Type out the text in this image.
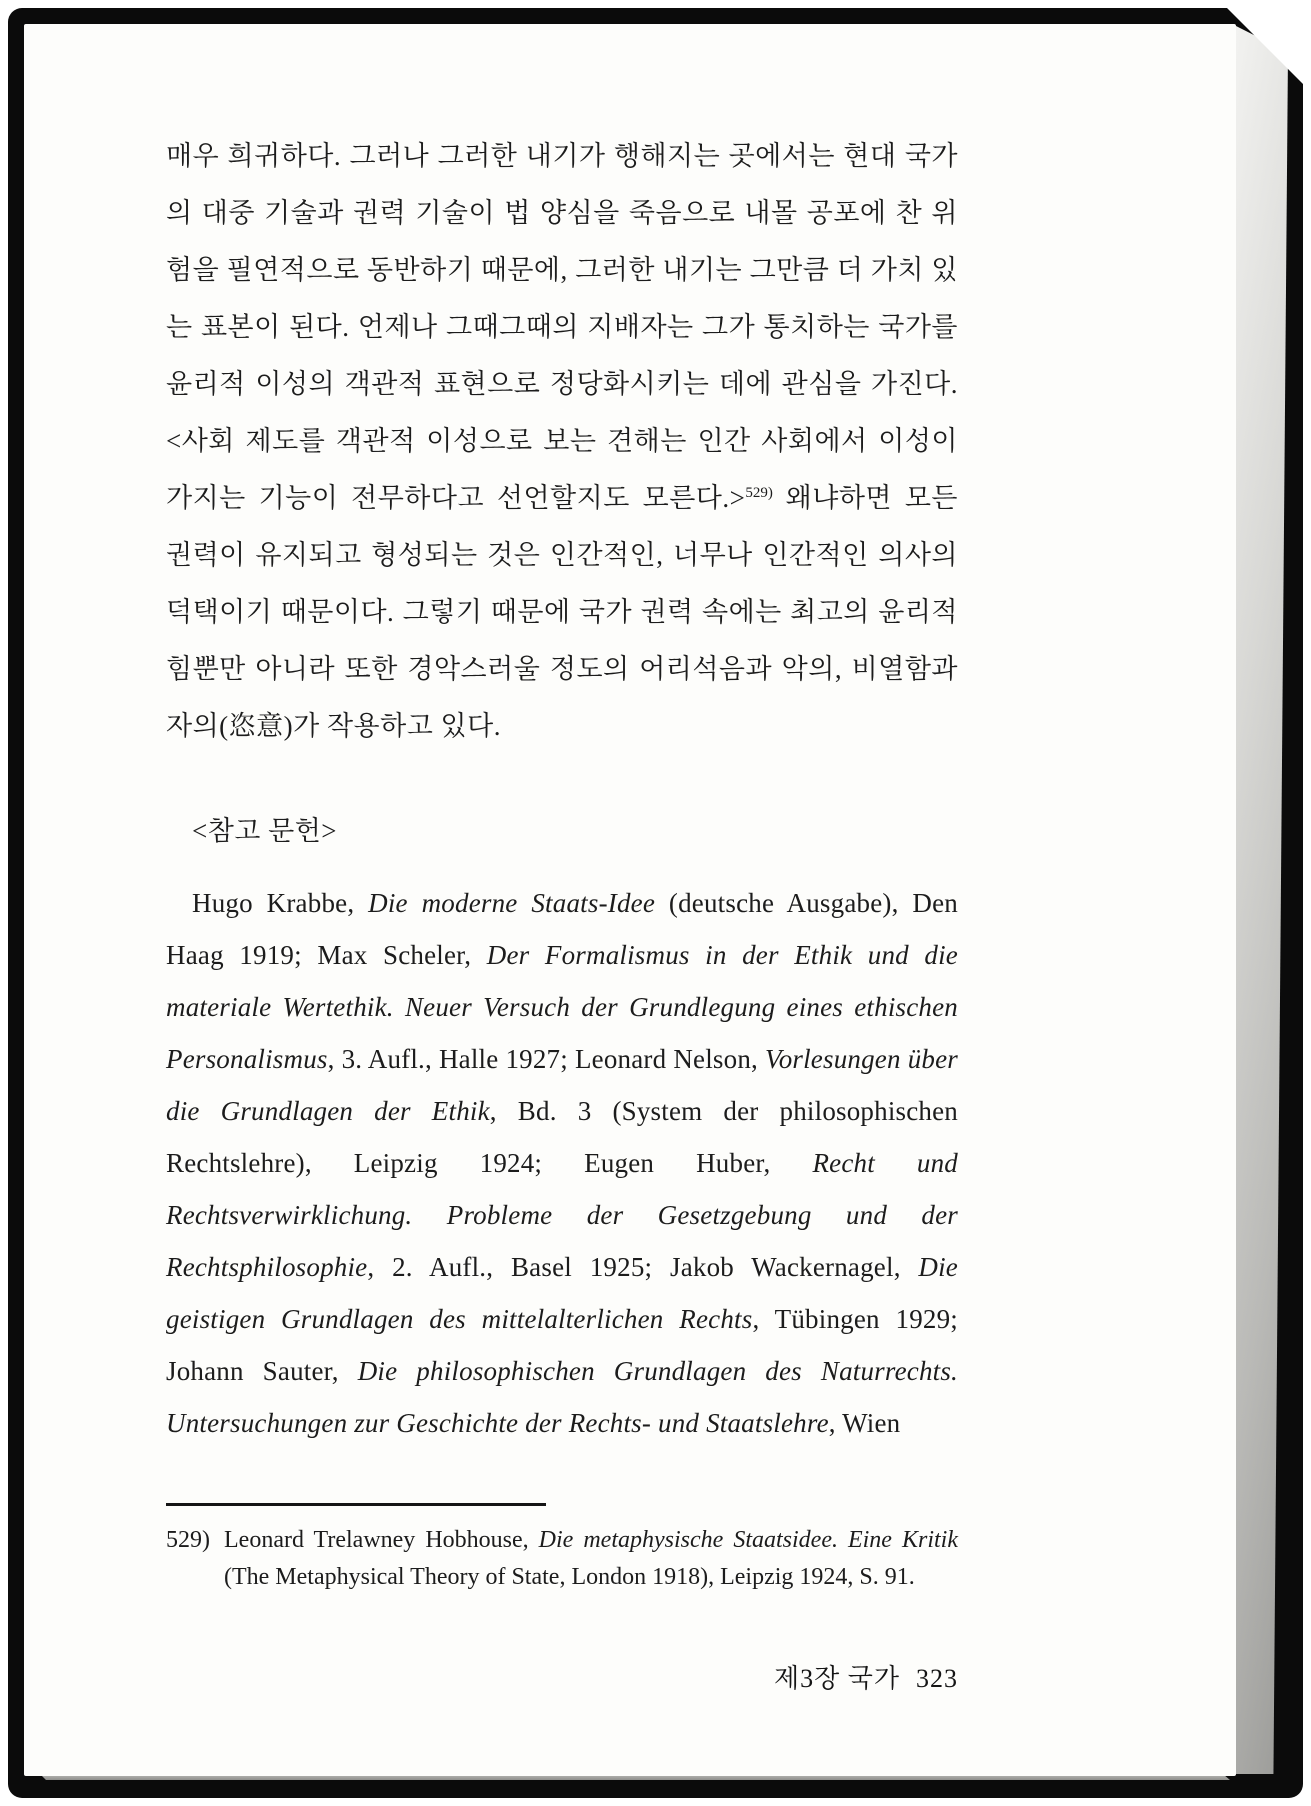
매우 희귀하다. 그러나 그러한 내기가 행해지는 곳에서는 현대 국가의 대중 기술과 권력 기술이 법 양심을 죽음으로 내몰 공포에 찬 위험을 필연적으로 동반하기 때문에, 그러한 내기는 그만큼 더 가치 있는 표본이 된다. 언제나 그때그때의 지배자는 그가 통치하는 국가를 윤리적 이성의 객관적 표현으로 정당화시키는 데에 관심을 가진다. <사회 제도를 객관적 이성으로 보는 견해는 인간 사회에서 이성이 가지는 기능이 전무하다고 선언할지도 모른다.>$^{529)}$ 왜냐하면 모든 권력이 유지되고 형성되는 것은 인간적인, 너무나 인간적인 의사의 덕택이기 때문이다. 그렇기 때문에 국가 권력 속에는 최고의 윤리적 힘뿐만 아니라 또한 경악스러울 정도의 어리석음과 악의, 비열함과 자의(恣意)가 작용하고 있다.

<참고 문헌>

Hugo Krabbe, Die moderne Staats-Idee (deutsche Ausgabe), Den Haag 1919; Max Scheler, Der Formalismus in der Ethik und die materiale Wertethik. Neuer Versuch der Grundlegung eines ethischen Personalismus, 3. Aufl., Halle 1927; Leonard Nelson, Vorlesungen über die Grundlagen der Ethik, Bd. 3 (System der philosophischen Rechtslehre), Leipzig 1924; Eugen Huber, Recht und Rechtsverwirklichung. Probleme der Gesetzgebung und der Rechtsphilosophie, 2. Aufl., Basel 1925; Jakob Wackernagel, Die geistigen Grundlagen des mittelalterlichen Rechts, Tübingen 1929; Johann Sauter, Die philosophischen Grundlagen des Naturrechts. Untersuchungen zur Geschichte der Rechts- und Staatslehre, Wien

529) Leonard Trelawney Hobhouse, Die metaphysische Staatsidee. Eine Kritik (The Metaphysical Theory of State, London 1918), Leipzig 1924, S. 91.

제3장 국가 323
